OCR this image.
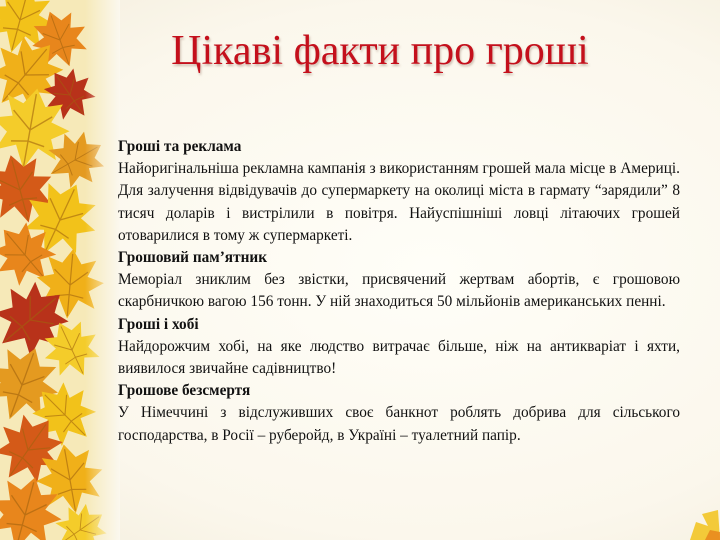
Цікаві факти про гроші

Гроші та реклама

Найоригінальніша рекламна кампанія з використанням грошей мала місце в Америці. Для залучення відвідувачів до супермаркету на околиці міста в гармату “зарядили” 8 тисяч доларів і вистрілили в повітря. Найуспішніші ловці літаючих грошей отоварилися в тому ж супермаркеті.

Грошовий пам’ятник

Меморіал зниклим без звістки, присвячений жертвам абортів, є грошовою скарбничкою вагою 156 тонн. У ній знаходиться 50 мільйонів американських пенні.

Гроші і хобі

Найдорожчим хобі, на яке людство витрачає більше, ніж на антикваріат і яхти, виявилося звичайне садівництво!

Грошове безсмертя

У Німеччині з відслуживших своє банкнот роблять добрива для сільського господарства, в Росії – руберойд, в Україні – туалетний папір.
